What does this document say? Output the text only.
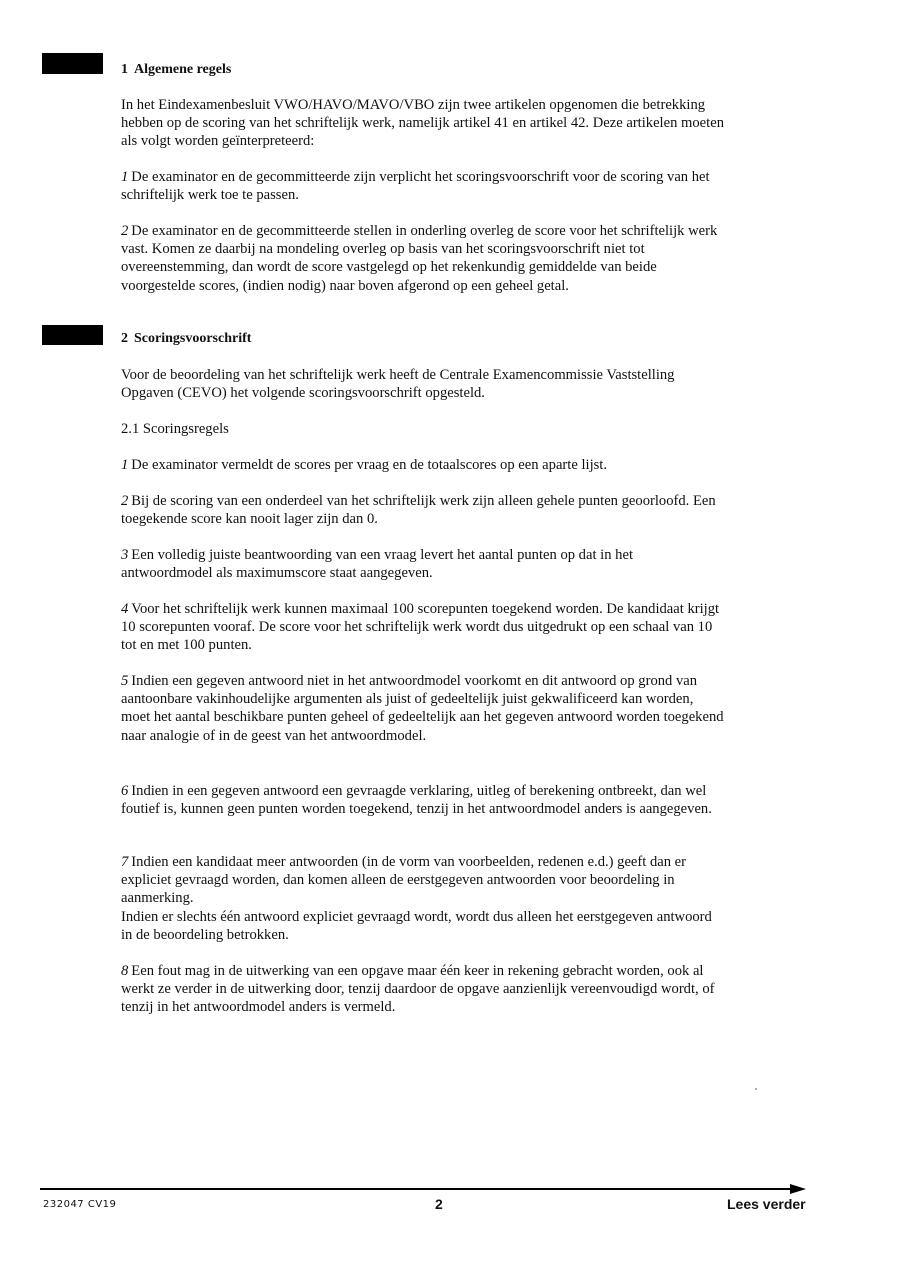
1 Algemene regels
In het Eindexamenbesluit VWO/HAVO/MAVO/VBO zijn twee artikelen opgenomen die betrekking hebben op de scoring van het schriftelijk werk, namelijk artikel 41 en artikel 42. Deze artikelen moeten als volgt worden geïnterpreteerd:
1 De examinator en de gecommitteerde zijn verplicht het scoringsvoorschrift voor de scoring van het schriftelijk werk toe te passen.
2 De examinator en de gecommitteerde stellen in onderling overleg de score voor het schriftelijk werk vast. Komen ze daarbij na mondeling overleg op basis van het scoringsvoorschrift niet tot overeenstemming, dan wordt de score vastgelegd op het rekenkundig gemiddelde van beide voorgestelde scores, (indien nodig) naar boven afgerond op een geheel getal.
2 Scoringsvoorschrift
Voor de beoordeling van het schriftelijk werk heeft de Centrale Examencommissie Vaststelling Opgaven (CEVO) het volgende scoringsvoorschrift opgesteld.
2.1 Scoringsregels
1 De examinator vermeldt de scores per vraag en de totaalscores op een aparte lijst.
2 Bij de scoring van een onderdeel van het schriftelijk werk zijn alleen gehele punten geoorloofd. Een toegekende score kan nooit lager zijn dan 0.
3 Een volledig juiste beantwoording van een vraag levert het aantal punten op dat in het antwoordmodel als maximumscore staat aangegeven.
4 Voor het schriftelijk werk kunnen maximaal 100 scorepunten toegekend worden. De kandidaat krijgt 10 scorepunten vooraf. De score voor het schriftelijk werk wordt dus uitgedrukt op een schaal van 10 tot en met 100 punten.
5 Indien een gegeven antwoord niet in het antwoordmodel voorkomt en dit antwoord op grond van aantoonbare vakinhoudelijke argumenten als juist of gedeeltelijk juist gekwalificeerd kan worden, moet het aantal beschikbare punten geheel of gedeeltelijk aan het gegeven antwoord worden toegekend naar analogie of in de geest van het antwoordmodel.
6 Indien in een gegeven antwoord een gevraagde verklaring, uitleg of berekening ontbreekt, dan wel foutief is, kunnen geen punten worden toegekend, tenzij in het antwoordmodel anders is aangegeven.
7 Indien een kandidaat meer antwoorden (in de vorm van voorbeelden, redenen e.d.) geeft dan er expliciet gevraagd worden, dan komen alleen de eerstgegeven antwoorden voor beoordeling in aanmerking.
Indien er slechts één antwoord expliciet gevraagd wordt, wordt dus alleen het eerstgegeven antwoord in de beoordeling betrokken.
8 Een fout mag in de uitwerking van een opgave maar één keer in rekening gebracht worden, ook al werkt ze verder in de uitwerking door, tenzij daardoor de opgave aanzienlijk vereenvoudigd wordt, of tenzij in het antwoordmodel anders is vermeld.
232047 CV19	2	Lees verder
